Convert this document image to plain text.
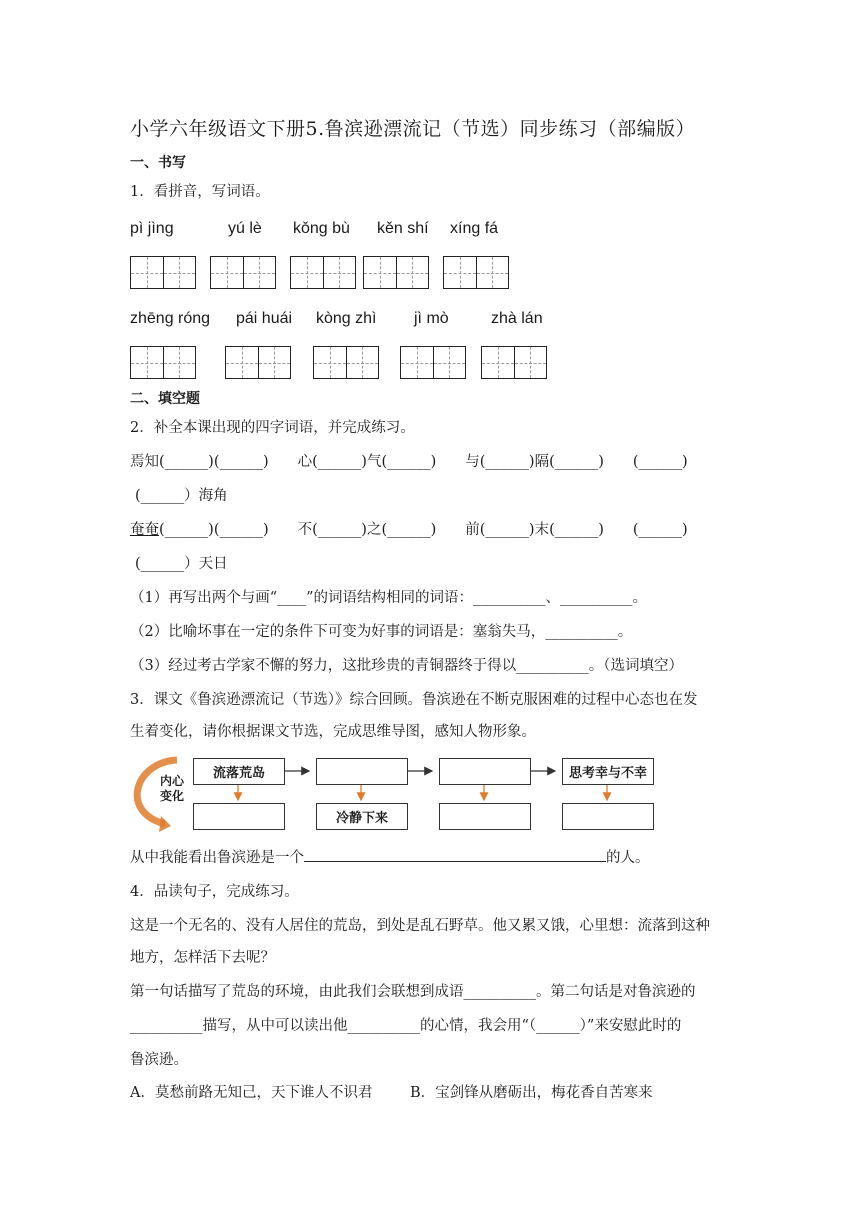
小学六年级语文下册5.鲁滨逊漂流记（节选）同步练习（部编版）
一、书写
1．看拼音，写词语。
pì jìng	yú lè kǒng bù kěn shí xíng fá
zhēng róng pái huái kòng zhì jì mò	zhà lán
二、填空题
2．补全本课出现的四字词语，并完成练习。
焉知(______)(______)　　心(______)气(______)　　与(______)隔(______)　　(______)
(______）海角
奄奄(______)(______)　　不(______)之(______)　　前(______)末(______)　　(______)
(______）天日
（1）再写出两个与画“____”的词语结构相同的词语：__________、__________。
（2）比喻坏事在一定的条件下可变为好事的词语是：塞翁失马，__________。
（3）经过考古学家不懈的努力，这批珍贵的青铜器终于得以__________。（选词填空）
3．课文《鲁滨逊漂流记（节选）》综合回顾。鲁滨逊在不断克服困难的过程中心态也在发
生着变化，请你根据课文节选，完成思维导图，感知人物形象。
内心
变化
流落荒岛	思考幸与不幸
冷静下来
从中我能看出鲁滨逊是一个	的人。
4．品读句子，完成练习。
这是一个无名的、没有人居住的荒岛，到处是乱石野草。他又累又饿，心里想：流落到这种
地方，怎样活下去呢？
第一句话描写了荒岛的环境，由此我们会联想到成语__________。第二句话是对鲁滨逊的
__________描写，从中可以读出他__________的心情，我会用“（______）”来安慰此时的
鲁滨逊。
A．莫愁前路无知己，天下谁人不识君	B．宝剑锋从磨砺出，梅花香自苦寒来
